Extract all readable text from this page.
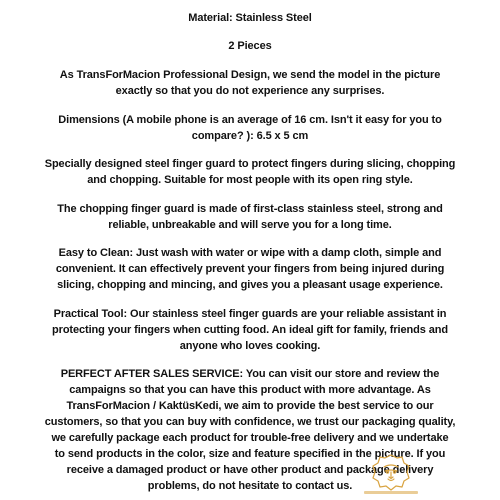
Material: Stainless Steel
2 Pieces
As TransForMacion Professional Design, we send the model in the picture
exactly so that you do not experience any surprises.
Dimensions (A mobile phone is an average of 16 cm. Isn't it easy for you to
compare? ): 6.5 x 5 cm
Specially designed steel finger guard to protect fingers during slicing, chopping
and chopping. Suitable for most people with its open ring style.
The chopping finger guard is made of first-class stainless steel, strong and
reliable, unbreakable and will serve you for a long time.
Easy to Clean: Just wash with water or wipe with a damp cloth, simple and
convenient. It can effectively prevent your fingers from being injured during
slicing, chopping and mincing, and gives you a pleasant usage experience.
Practical Tool: Our stainless steel finger guards are your reliable assistant in
protecting your fingers when cutting food. An ideal gift for family, friends and
anyone who loves cooking.
PERFECT AFTER SALES SERVICE: You can visit our store and review the
campaigns so that you can have this product with more advantage. As
TransForMacion / KaktüsKedi, we aim to provide the best service to our
customers, so that you can buy with confidence, we trust our packaging quality,
we carefully package each product for trouble-free delivery and we undertake
to send products in the color, size and feature specified in the picture. If you
receive a damaged product or have other product and package delivery
problems, do not hesitate to contact us.
